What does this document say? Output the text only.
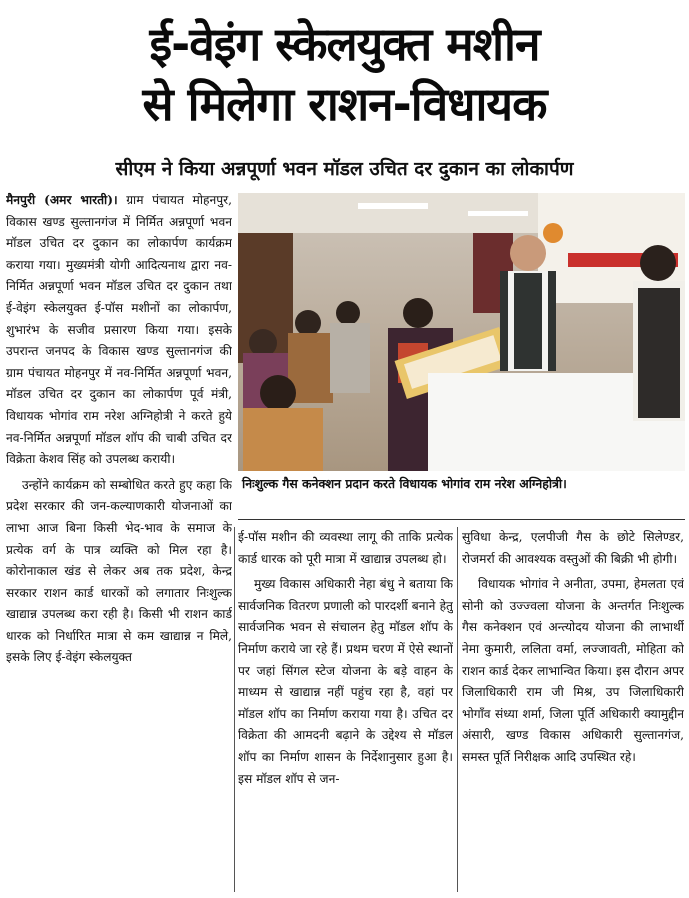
ई-वेइंग स्केलयुक्त मशीन
से मिलेगा राशन-विधायक
सीएम ने किया अन्नपूर्णा भवन मॉडल उचित दर दुकान का लोकार्पण

मैनपुरी (अमर भारती)। ग्राम पंचायत मोहनपुर, विकास खण्ड सुल्तानगंज में निर्मित अन्नपूर्णा भवन मॉडल उचित दर दुकान का लोकार्पण कार्यक्रम कराया गया। मुख्यमंत्री योगी आदित्यनाथ द्वारा नव-निर्मित अन्नपूर्णा भवन मॉडल उचित दर दुकान तथा ई-वेइंग स्केलयुक्त ई-पॉस मशीनों का लोकार्पण, शुभारंभ के सजीव प्रसारण किया गया। इसके उपरान्त जनपद के विकास खण्ड सुल्तानगंज की ग्राम पंचायत मोहनपुर में नव-निर्मित अन्नपूर्णा भवन, मॉडल उचित दर दुकान का लोकार्पण पूर्व मंत्री, विधायक भोगांव राम नरेश अग्निहोत्री ने करते हुये नव-निर्मित अन्नपूर्णा मॉडल शॉप की चाबी उचित दर विक्रेता केशव सिंह को उपलब्ध करायी।

उन्होंने कार्यक्रम को सम्बोधित करते हुए कहा कि प्रदेश सरकार की जन-कल्याणकारी योजनाओं का लाभा आज बिना किसी भेद-भाव के समाज के प्रत्येक वर्ग के पात्र व्यक्ति को मिल रहा है। कोरोनाकाल खंड से लेकर अब तक प्रदेश, केन्द्र सरकार राशन कार्ड धारकों को लगातार निःशुल्क खाद्यान्न उपलब्ध करा रही है। किसी भी राशन कार्ड धारक को निर्धारित मात्रा से कम खाद्यान्न न मिले, इसके लिए ई-वेइंग स्केलयुक्त

निःशुल्क गैस कनेक्शन प्रदान करते विधायक भोगांव राम नरेश अग्निहोत्री।

ई-पॉस मशीन की व्यवस्था लागू की ताकि प्रत्येक कार्ड धारक को पूरी मात्रा में खाद्यान्न उपलब्ध हो।

मुख्य विकास अधिकारी नेहा बंधु ने बताया कि सार्वजनिक वितरण प्रणाली को पारदर्शी बनाने हेतु सार्वजनिक भवन से संचालन हेतु मॉडल शॉप के निर्माण कराये जा रहे हैं। प्रथम चरण में ऐसे स्थानों पर जहां सिंगल स्टेज योजना के बड़े वाहन के माध्यम से खाद्यान्न नहीं पहुंच रहा है, वहां पर मॉडल शॉप का निर्माण कराया गया है। उचित दर विक्रेता की आमदनी बढ़ाने के उद्देश्य से मॉडल शॉप का निर्माण शासन के निर्देशानुसार हुआ है। इस मॉडल शॉप से जन-

सुविधा केन्द्र, एलपीजी गैस के छोटे सिलेण्डर, रोजमर्रा की आवश्यक वस्तुओं की बिक्री भी होगी।

विधायक भोगांव ने अनीता, उपमा, हेमलता एवं सोनी को उज्ज्वला योजना के अन्तर्गत निःशुल्क गैस कनेक्शन एवं अन्त्योदय योजना की लाभार्थी नेमा कुमारी, ललिता वर्मा, लज्जावती, मोहिता को राशन कार्ड देकर लाभान्वित किया। इस दौरान अपर जिलाधिकारी राम जी मिश्र, उप जिलाधिकारी भोगाँव संध्या शर्मा, जिला पूर्ति अधिकारी क्यामुद्दीन अंसारी, खण्ड विकास अधिकारी सुल्तानगंज, समस्त पूर्ति निरीक्षक आदि उपस्थित रहे।
